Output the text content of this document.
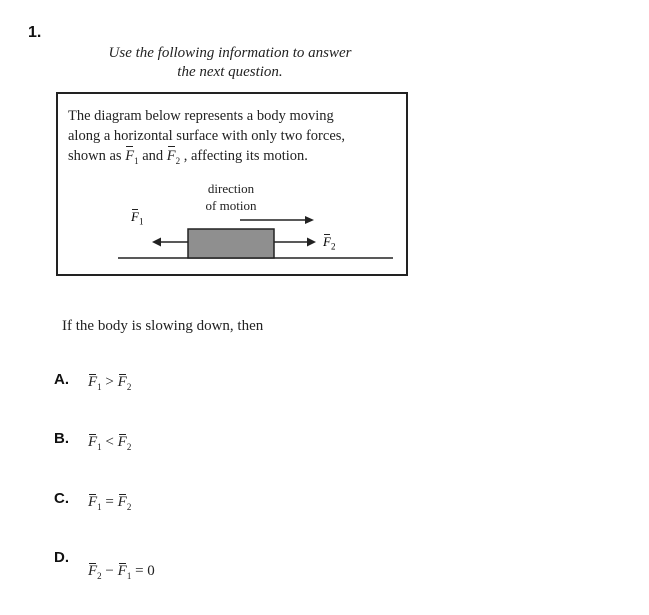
1.
Use the following information to answer
the next question.
The diagram below represents a body moving
along a horizontal surface with only two forces,
shown as $F_1$ and $F_2$ , affecting its motion.
direction
of motion
$F_1$
$F_2$
If the body is slowing down, then
A. $F_1 > F_2$
B. $F_1 < F_2$
C. $F_1 = F_2$
D.
$F_2 - F_1 = 0$
